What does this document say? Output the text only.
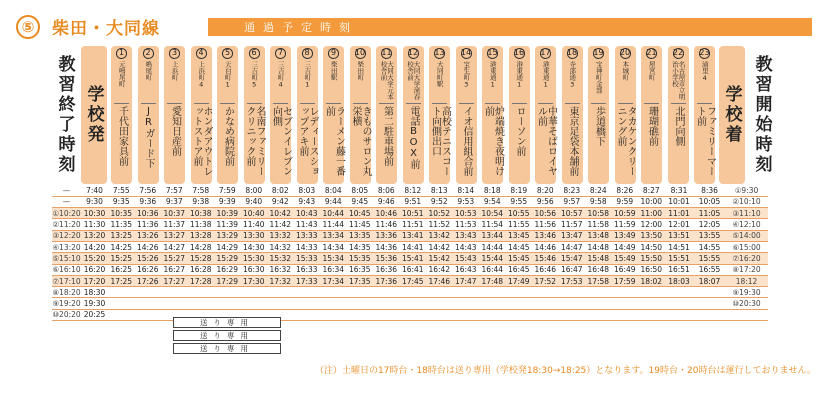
⑤	柴田・大同線	通過予定時刻
教習終了時刻 学校発	学校着 教習開始時刻
1
元鳴尾町
千代田家具前
2
鳴尾町
JRガード下
3
上浜町
愛知日産前
4
上浜町4
ホンダアウトレットストア前
5
天白町1
かなめ病院前
6
三吉町5
名南ファミリークリニック前
7
三吉町4
セブンイレブン向側
8
三吉町1
レディースショップアキ前
9
柴田駅
ラーメン藤一番前
10
柴田町
きものサロン丸栄横
11
大同大学元本校舎前
第二駐車場前
12
大同大学滝春校舎前
電話BOX前
13
大同町駅
高校テニスコート向側出口
14
宝生町3
イオ信用組合前
15
港東通1
炉端焼き夜明け前
16
港東通1
ローソン前
17
港東通1
中華そばロイヤル前
18
寺部通3
東京足袋本舗前
19
宝神町金部
歩道橋下
20
本城町
タカケンクリーニング前
21
屋宮町
珊瑚礁前
22
名古屋市立明治小学校
北門向側
23
浦里4
ファミリーマート前
—	7:40	7:55	7:56	7:57	7:58	7:59	8:00	8:02	8:03	8:04	8:05	8:06	8:12	8:13	8:14	8:18	8:19	8:20	8:23	8:24	8:26	8:27	8:31	8:36	①9:30
—	9:30	9:35	9:36	9:37	9:38	9:39	9:40	9:42	9:43	9:44	9:45	9:46	9:51	9:52	9:53	9:54	9:55	9:56	9:57	9:58	9:59	10:00	10:01	10:05	②10:10
①10:20	10:30	10:35	10:36	10:37	10:38	10:39	10:40	10:42	10:43	10:44	10:45	10:46	10:51	10:52	10:53	10:54	10:55	10:56	10:57	10:58	10:59	11:00	11:01	11:05	③11:10
②11:20	11:30	11:35	11:36	11:37	11:38	11:39	11:40	11:42	11:43	11:44	11:45	11:46	11:51	11:52	11:53	11:54	11:55	11:56	11:57	11:58	11:59	12:00	12:01	12:05	④12:10
③12:20	13:20	13:25	13:26	13:27	13:28	13:29	13:30	13:32	13:33	13:34	13:35	13:36	13:41	13:42	13:43	13:44	13:45	13:46	13:47	13:48	13:49	13:50	13:51	13:55	⑤14:00
④13:20	14:20	14:25	14:26	14:27	14:28	14:29	14:30	14:32	14:33	14:34	14:35	14:36	14:41	14:42	14:43	14:44	14:45	14:46	14:47	14:48	14:49	14:50	14:51	14:55	⑥15:00
⑤15:10	15:20	15:25	15:26	15:27	15:28	15:29	15:30	15:32	15:33	15:34	15:35	15:36	15:41	15:42	15:43	15:44	15:45	15:46	15:47	15:48	15:49	15:50	15:51	15:55	⑦16:20
⑥16:10	16:20	16:25	16:26	16:27	16:28	16:29	16:30	16:32	16:33	16:34	16:35	16:36	16:41	16:42	16:43	16:44	16:45	16:46	16:47	16:48	16:49	16:50	16:51	16:55	⑧17:20
⑦17:10	17:20	17:25	17:26	17:27	17:28	17:29	17:30	17:32	17:33	17:34	17:35	17:36	17:45	17:46	17:47	17:48	17:49	17:52	17:53	17:58	17:59	18:02	18:03	18:07	18:12
⑧18:20	18:30																								⑨19:30
⑨19:20	19:30																								⑩20:30
⑩20:20	20:25																								
送り専用
送り専用
送り専用
（注）土曜日の17時台・18時台は送り専用（学校発18:30→18:25）となります。19時台・20時台は運行しておりません。
